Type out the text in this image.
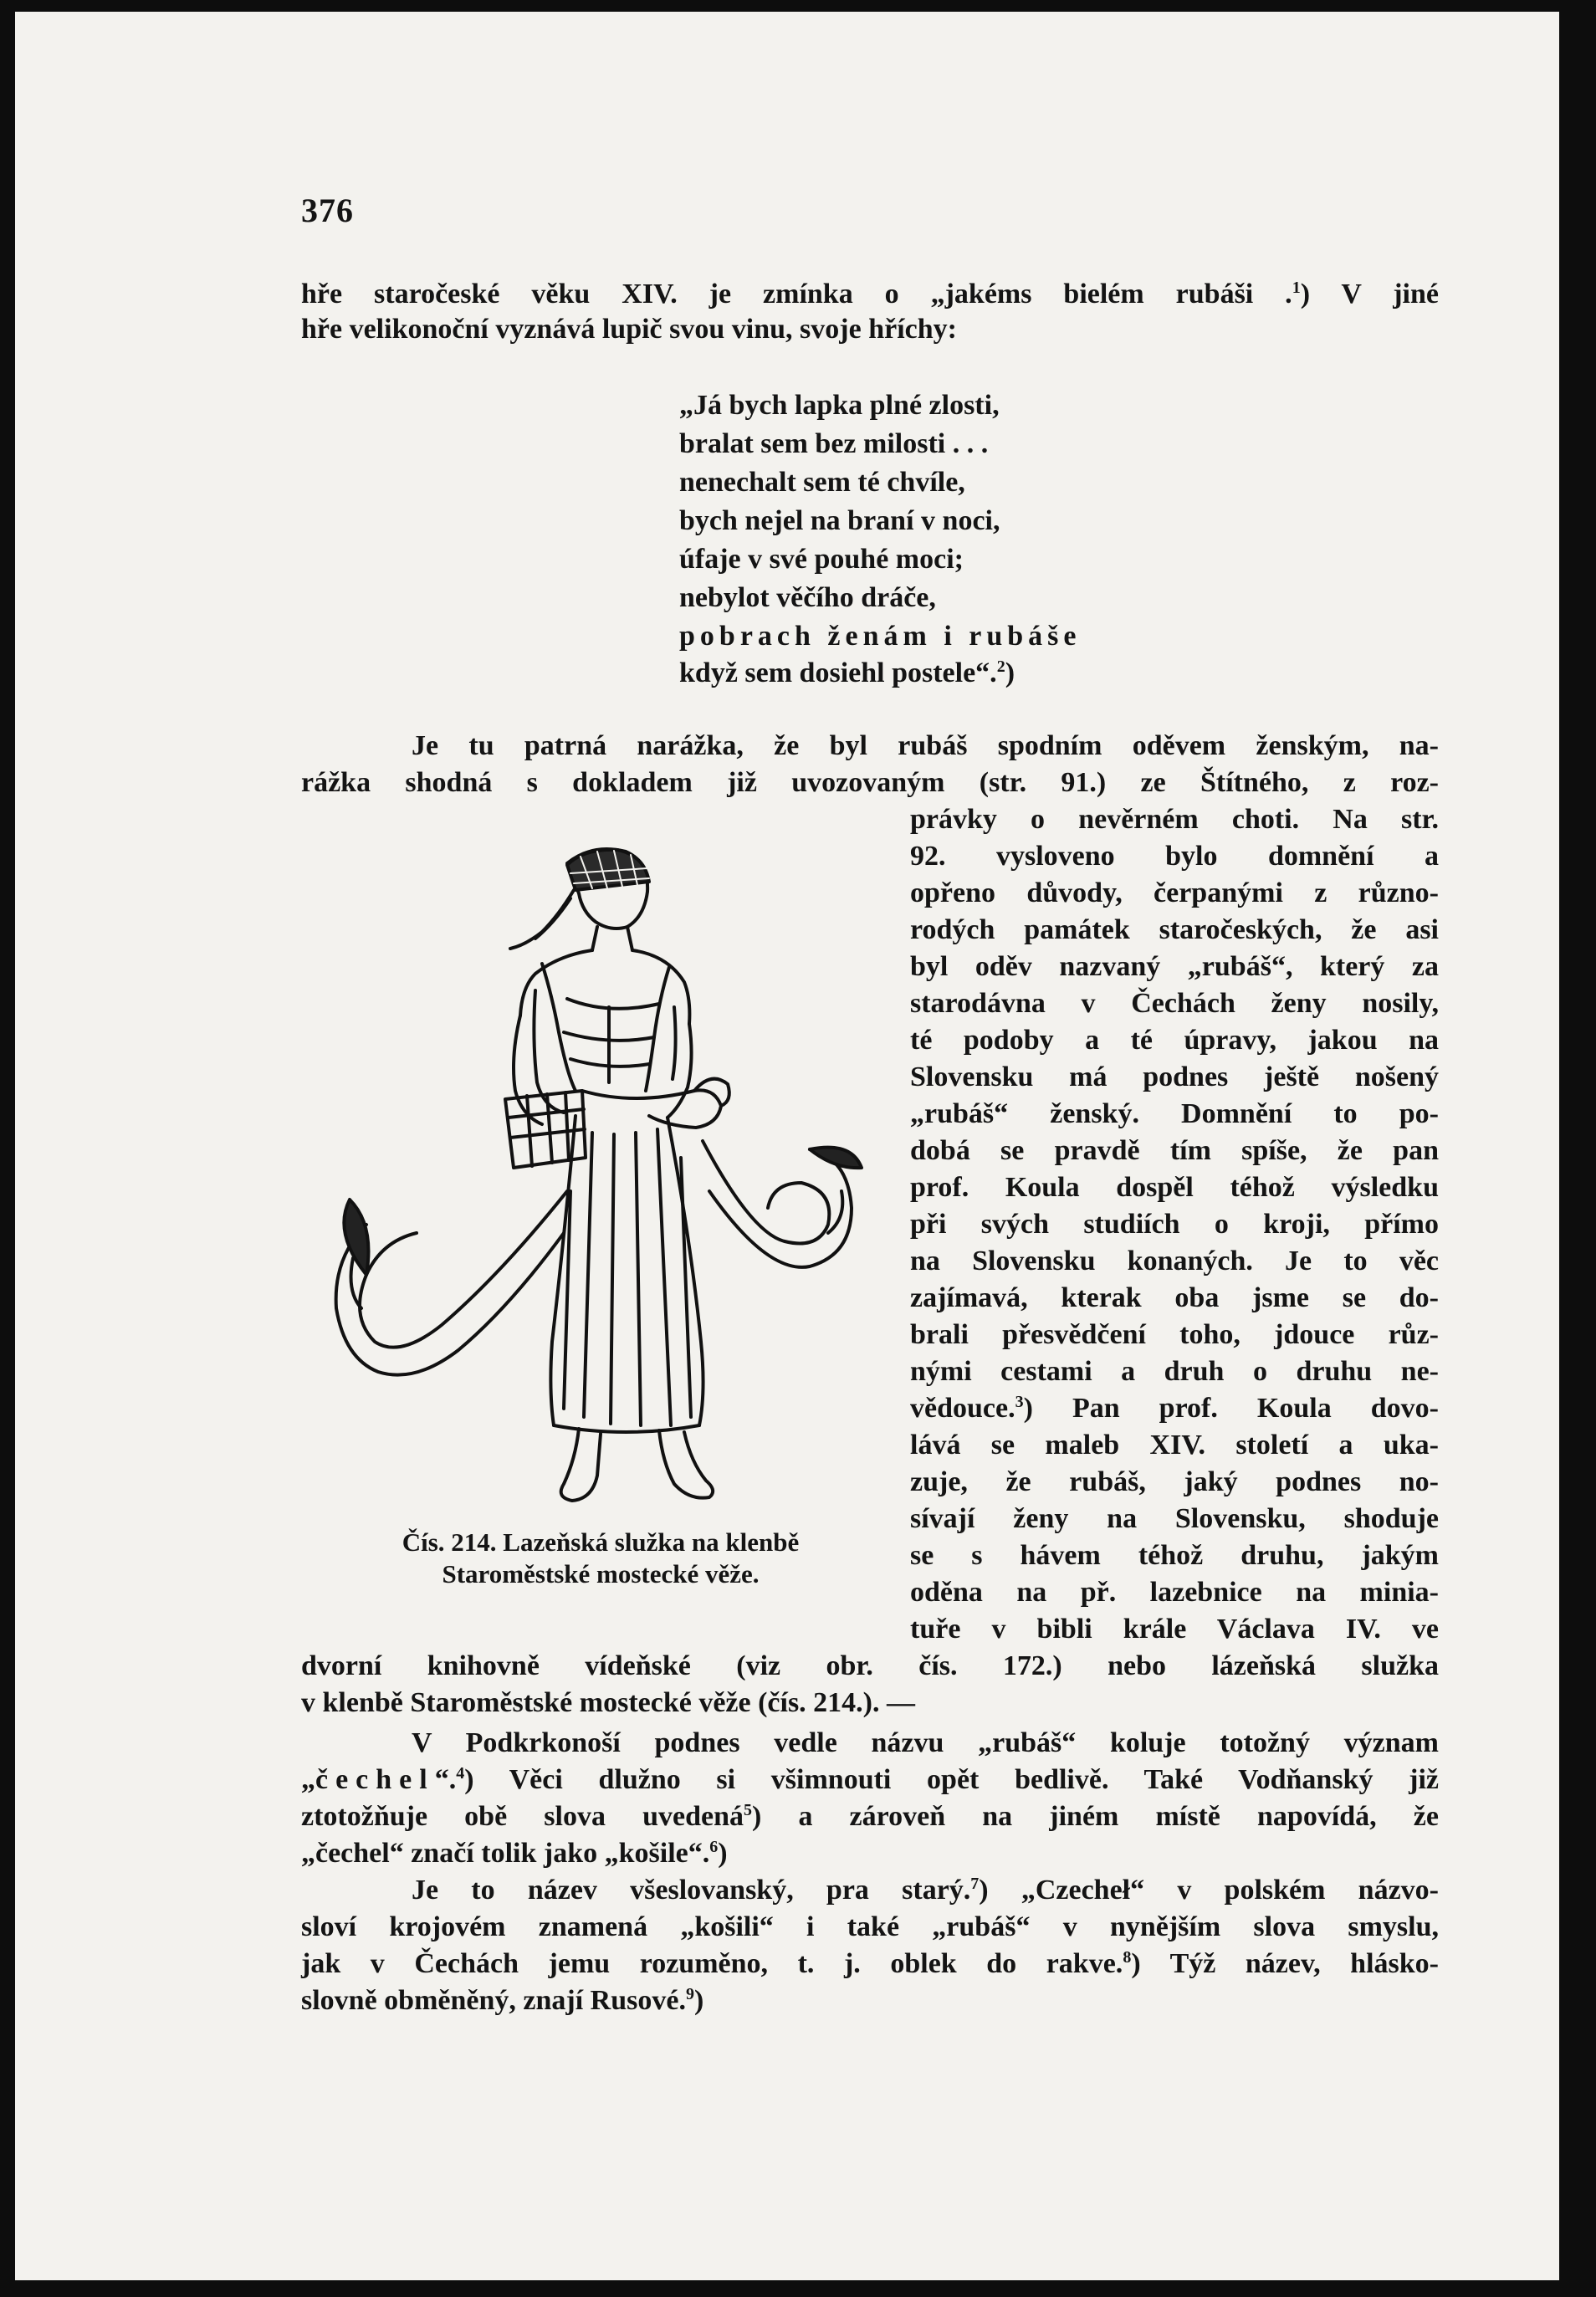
376
hře staročeské věku XIV. je zmínka o „jakéms bielém rubáši .$^1$) V jiné
hře velikonoční vyznává lupič svou vinu, svoje hříchy:
„Já bych lapka plné zlosti,
bralat sem bez milosti . . .
nenechalt sem té chvíle,
bych nejel na braní v noci,
úfaje v své pouhé moci;
nebylot věčího dráče,
pobrach ženám i rubáše
když sem dosiehl postele“.$^2$)
Je tu patrná narážka, že byl rubáš spodním oděvem ženským, na-
rážka shodná s dokladem již uvozovaným (str. 91.) ze Štítného, z roz-
právky o nevěrném choti. Na str.
92. vysloveno bylo domnění a
opřeno důvody, čerpanými z různo-
rodých památek staročeských, že asi
byl oděv nazvaný „rubáš“, který za
starodávna v Čechách ženy nosily,
té podoby a té úpravy, jakou na
Slovensku má podnes ještě nošený
„rubáš“ ženský. Domnění to po-
dobá se pravdě tím spíše, že pan
prof. Koula dospěl téhož výsledku
při svých studiích o kroji, přímo
na Slovensku konaných. Je to věc
zajímavá, kterak oba jsme se do-
brali přesvědčení toho, jdouce růz-
nými cestami a druh o druhu ne-
vědouce.$^3$) Pan prof. Koula dovo-
lává se maleb XIV. století a uka-
zuje, že rubáš, jaký podnes no-
sívají ženy na Slovensku, shoduje
se s hávem téhož druhu, jakým
oděna na př. lazebnice na miniа-
tuře v bibli krále Václava IV. ve
dvorní knihovně vídeňské (viz obr. čís. 172.) nebo lázeňská služka
v klenbě Staroměstské mostecké věže (čís. 214.). —
Čís. 214. Lazeňská služka na klenbě
Staroměstské mostecké věže.
V Podkrkonoší podnes vedle názvu „rubáš“ koluje totožný význam
„čechel“.$^4$) Věci dlužno si všimnouti opět bedlivě. Také Vodňanský již
ztotožňuje obě slova uvedená$^5$) a zároveň na jiném místě napovídá, že
„čechel“ značí tolik jako „košile“.$^6$)
Je to název všeslovanský, pra starý.$^7$) „Czecheł“ v polském názvo-
sloví krojovém znamená „košili“ i také „rubáš“ v nynějším slova smyslu,
jak v Čechách jemu rozuměno, t. j. oblek do rakve.$^8$) Týž název, hlásko-
slovně obměněný, znají Rusové.$^9$)
